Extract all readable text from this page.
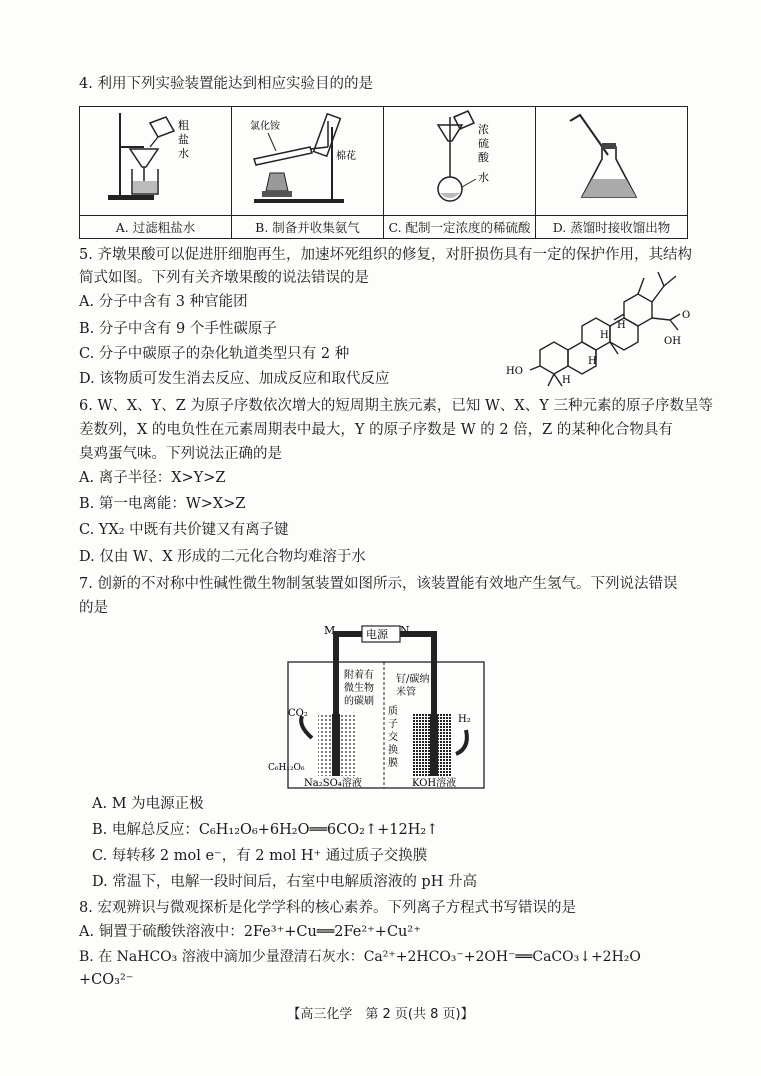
4. 利用下列实验装置能达到相应实验目的的是
粗
盐
水	氯化铵
棉花	浓
硫
酸
水

A. 过滤粗盐水	B. 制备并收集氨气	C. 配制一定浓度的稀硫酸	D. 蒸馏时接收馏出物
5. 齐墩果酸可以促进肝细胞再生，加速坏死组织的修复，对肝损伤具有一定的保护作用，其结构
简式如图。下列有关齐墩果酸的说法错误的是
A. 分子中含有 3 种官能团
B. 分子中含有 9 个手性碳原子
C. 分子中碳原子的杂化轨道类型只有 2 种
D. 该物质可发生消去反应、加成反应和取代反应
O
OH
HO
H
H
H
H
6. W、X、Y、Z 为原子序数依次增大的短周期主族元素，已知 W、X、Y 三种元素的原子序数呈等
差数列，X 的电负性在元素周期表中最大，Y 的原子序数是 W 的 2 倍，Z 的某种化合物具有
臭鸡蛋气味。下列说法正确的是
A. 离子半径：X>Y>Z
B. 第一电离能：W>X>Z
C. YX₂ 中既有共价键又有离子键
D. 仅由 W、X 形成的二元化合物均难溶于水
7. 创新的不对称中性碱性微生物制氢装置如图所示，该装置能有效地产生氢气。下列说法错误
的是
M	N
电源
附着有
微生物
的碳刷
钌/碳纳
米管
质
子
交
换
膜
CO₂
C₆H₁₂O₆
H₂
Na₂SO₄溶液	KOH溶液
A. M 为电源正极
B. 电解总反应：C₆H₁₂O₆+6H₂O══6CO₂↑+12H₂↑
C. 每转移 2 mol e⁻，有 2 mol H⁺ 通过质子交换膜
D. 常温下，电解一段时间后，右室中电解质溶液的 pH 升高
8. 宏观辨识与微观探析是化学学科的核心素养。下列离子方程式书写错误的是
A. 铜置于硫酸铁溶液中：2Fe³⁺+Cu══2Fe²⁺+Cu²⁺
B. 在 NaHCO₃ 溶液中滴加少量澄清石灰水：Ca²⁺+2HCO₃⁻+2OH⁻══CaCO₃↓+2H₂O
+CO₃²⁻
【高三化学　第 2 页(共 8 页)】
